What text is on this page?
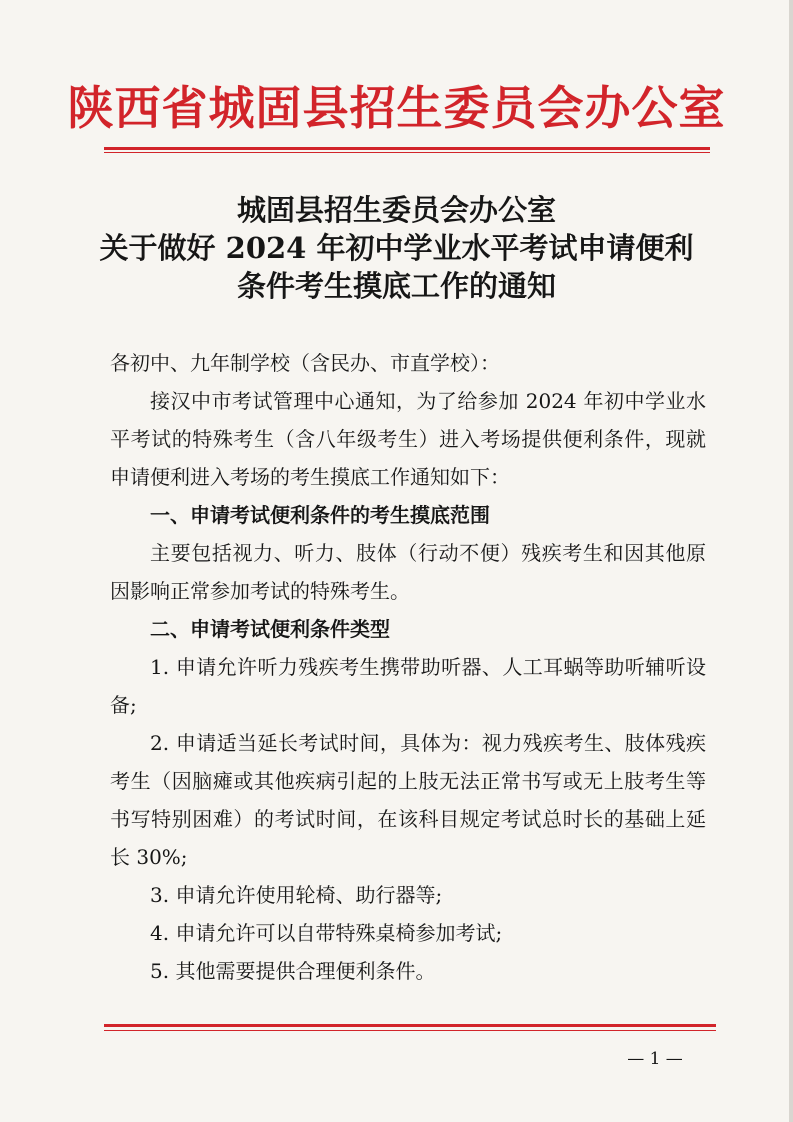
陕西省城固县招生委员会办公室
城固县招生委员会办公室
关于做好 2024 年初中学业水平考试申请便利
条件考生摸底工作的通知

各初中、九年制学校（含民办、市直学校）：

接汉中市考试管理中心通知，为了给参加 2024 年初中学业水平考试的特殊考生（含八年级考生）进入考场提供便利条件，现就申请便利进入考场的考生摸底工作通知如下：

一、申请考试便利条件的考生摸底范围

主要包括视力、听力、肢体（行动不便）残疾考生和因其他原因影响正常参加考试的特殊考生。

二、申请考试便利条件类型

1. 申请允许听力残疾考生携带助听器、人工耳蜗等助听辅听设备;

2. 申请适当延长考试时间，具体为：视力残疾考生、肢体残疾考生（因脑瘫或其他疾病引起的上肢无法正常书写或无上肢考生等书写特别困难）的考试时间，在该科目规定考试总时长的基础上延长 30%;

3. 申请允许使用轮椅、助行器等;

4. 申请允许可以自带特殊桌椅参加考试;

5. 其他需要提供合理便利条件。

— 1 —
